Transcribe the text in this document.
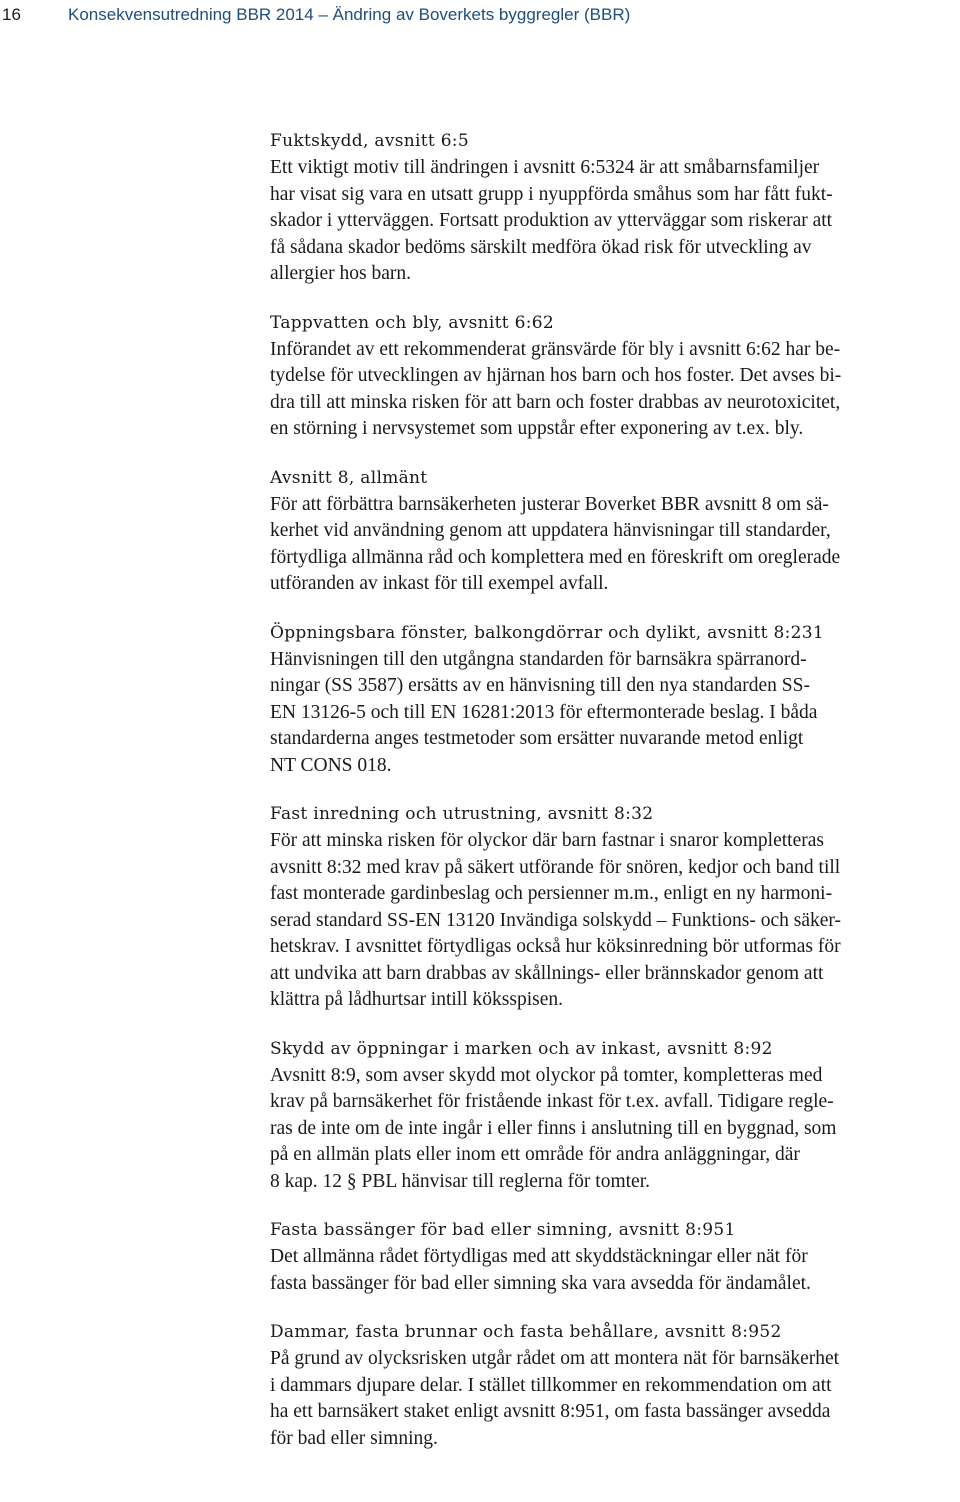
16	Konsekvensutredning BBR 2014 – Ändring av Boverkets byggregler (BBR)

Fuktskydd, avsnitt 6:5

Ett viktigt motiv till ändringen i avsnitt 6:5324 är att småbarnsfamiljer
har visat sig vara en utsatt grupp i nyuppförda småhus som har fått fukt-
skador i ytterväggen. Fortsatt produktion av ytterväggar som riskerar att
få sådana skador bedöms särskilt medföra ökad risk för utveckling av
allergier hos barn.

Tappvatten och bly, avsnitt 6:62

Införandet av ett rekommenderat gränsvärde för bly i avsnitt 6:62 har be-
tydelse för utvecklingen av hjärnan hos barn och hos foster. Det avses bi-
dra till att minska risken för att barn och foster drabbas av neurotoxicitet,
en störning i nervsystemet som uppstår efter exponering av t.ex. bly.

Avsnitt 8, allmänt

För att förbättra barnsäkerheten justerar Boverket BBR avsnitt 8 om sä-
kerhet vid användning genom att uppdatera hänvisningar till standarder,
förtydliga allmänna råd och komplettera med en föreskrift om oreglerade
utföranden av inkast för till exempel avfall.

Öppningsbara fönster, balkongdörrar och dylikt, avsnitt 8:231

Hänvisningen till den utgångna standarden för barnsäkra spärranord-
ningar (SS 3587) ersätts av en hänvisning till den nya standarden SS-
EN 13126-5 och till EN 16281:2013 för eftermonterade beslag. I båda
standarderna anges testmetoder som ersätter nuvarande metod enligt
NT CONS 018.

Fast inredning och utrustning, avsnitt 8:32

För att minska risken för olyckor där barn fastnar i snaror kompletteras
avsnitt 8:32 med krav på säkert utförande för snören, kedjor och band till
fast monterade gardinbeslag och persienner m.m., enligt en ny harmoni-
serad standard SS-EN 13120 Invändiga solskydd – Funktions- och säker-
hetskrav. I avsnittet förtydligas också hur köksinredning bör utformas för
att undvika att barn drabbas av skållnings- eller brännskador genom att
klättra på lådhurtsar intill köksspisen.

Skydd av öppningar i marken och av inkast, avsnitt 8:92

Avsnitt 8:9, som avser skydd mot olyckor på tomter, kompletteras med
krav på barnsäkerhet för fristående inkast för t.ex. avfall. Tidigare regle-
ras de inte om de inte ingår i eller finns i anslutning till en byggnad, som
på en allmän plats eller inom ett område för andra anläggningar, där
8 kap. 12 § PBL hänvisar till reglerna för tomter.

Fasta bassänger för bad eller simning, avsnitt 8:951

Det allmänna rådet förtydligas med att skyddstäckningar eller nät för
fasta bassänger för bad eller simning ska vara avsedda för ändamålet.

Dammar, fasta brunnar och fasta behållare, avsnitt 8:952

På grund av olycksrisken utgår rådet om att montera nät för barnsäkerhet
i dammars djupare delar. I stället tillkommer en rekommendation om att
ha ett barnsäkert staket enligt avsnitt 8:951, om fasta bassänger avsedda
för bad eller simning.
